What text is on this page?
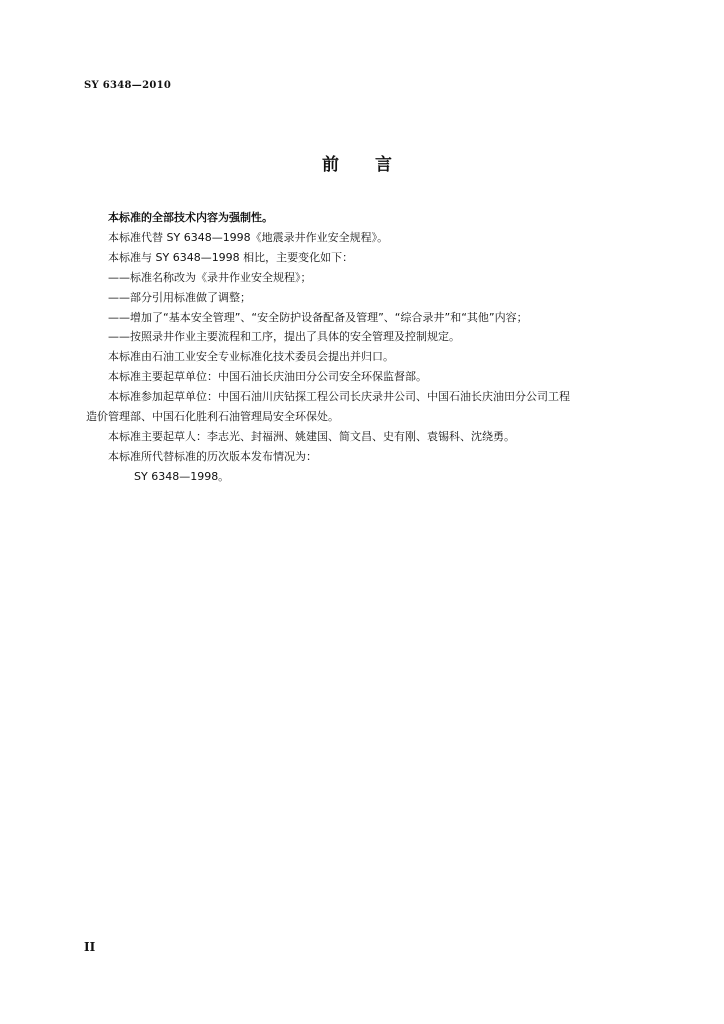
SY 6348—2010
前言
本标准的全部技术内容为强制性。
本标准代替 SY 6348—1998《地震录井作业安全规程》。
本标准与 SY 6348—1998 相比，主要变化如下：
——标准名称改为《录井作业安全规程》；
——部分引用标准做了调整；
——增加了“基本安全管理”、“安全防护设备配备及管理”、“综合录井”和“其他”内容；
——按照录井作业主要流程和工序，提出了具体的安全管理及控制规定。
本标准由石油工业安全专业标准化技术委员会提出并归口。
本标准主要起草单位：中国石油长庆油田分公司安全环保监督部。
本标准参加起草单位：中国石油川庆钻探工程公司长庆录井公司、中国石油长庆油田分公司工程
造价管理部、中国石化胜利石油管理局安全环保处。
本标准主要起草人：李志光、封福洲、姚建国、简文昌、史有刚、袁锡科、沈绕勇。
本标准所代替标准的历次版本发布情况为：
SY 6348—1998。
II
